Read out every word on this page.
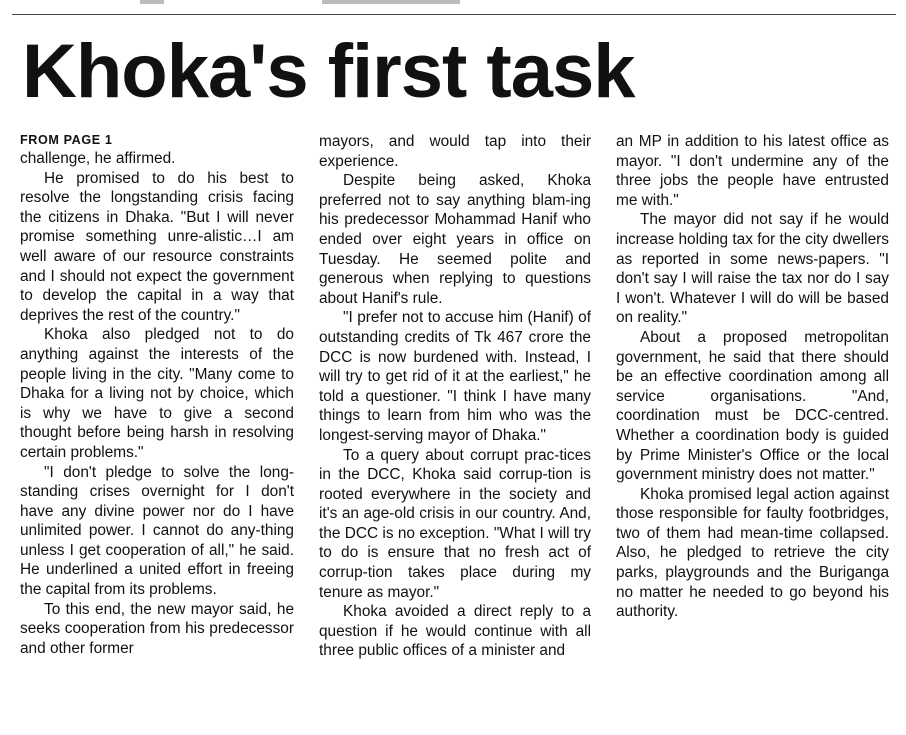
Khoka's first task

FROM PAGE 1

challenge, he affirmed.

He promised to do his best to resolve the longstanding crisis facing the citizens in Dhaka. "But I will never promise something unre-alistic…I am well aware of our resource constraints and I should not expect the government to develop the capital in a way that deprives the rest of the country."

Khoka also pledged not to do anything against the interests of the people living in the city. "Many come to Dhaka for a living not by choice, which is why we have to give a second thought before being harsh in resolving certain problems."

"I don't pledge to solve the long-standing crises overnight for I don't have any divine power nor do I have unlimited power. I cannot do any-thing unless I get cooperation of all," he said. He underlined a united effort in freeing the capital from its problems.

To this end, the new mayor said, he seeks cooperation from his predecessor and other former

mayors, and would tap into their experience.

Despite being asked, Khoka preferred not to say anything blam-ing his predecessor Mohammad Hanif who ended over eight years in office on Tuesday. He seemed polite and generous when replying to questions about Hanif's rule.

"I prefer not to accuse him (Hanif) of outstanding credits of Tk 467 crore the DCC is now burdened with. Instead, I will try to get rid of it at the earliest," he told a questioner. "I think I have many things to learn from him who was the longest-serving mayor of Dhaka."

To a query about corrupt prac-tices in the DCC, Khoka said corrup-tion is rooted everywhere in the society and it's an age-old crisis in our country. And, the DCC is no exception. "What I will try to do is ensure that no fresh act of corrup-tion takes place during my tenure as mayor."

Khoka avoided a direct reply to a question if he would continue with all three public offices of a minister and

an MP in addition to his latest office as mayor. "I don't undermine any of the three jobs the people have entrusted me with."

The mayor did not say if he would increase holding tax for the city dwellers as reported in some news-papers. "I don't say I will raise the tax nor do I say I won't. Whatever I will do will be based on reality."

About a proposed metropolitan government, he said that there should be an effective coordination among all service organisations. "And, coordination must be DCC-centred. Whether a coordination body is guided by Prime Minister's Office or the local government ministry does not matter."

Khoka promised legal action against those responsible for faulty footbridges, two of them had mean-time collapsed. Also, he pledged to retrieve the city parks, playgrounds and the Buriganga no matter he needed to go beyond his authority.
